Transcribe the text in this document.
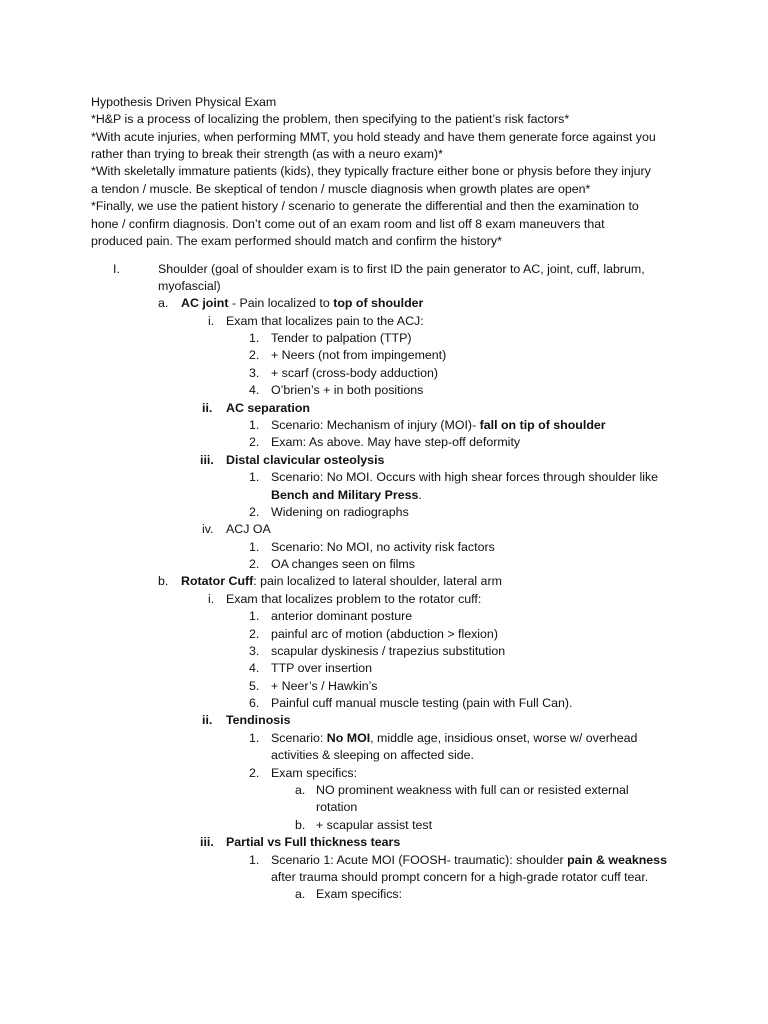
Hypothesis Driven Physical Exam
*H&P is a process of localizing the problem, then specifying to the patient’s risk factors*
*With acute injuries, when performing MMT, you hold steady and have them generate force against you
rather than trying to break their strength (as with a neuro exam)*
*With skeletally immature patients (kids), they typically fracture either bone or physis before they injury
a tendon / muscle. Be skeptical of tendon / muscle diagnosis when growth plates are open*
*Finally, we use the patient history / scenario to generate the differential and then the examination to
hone / confirm diagnosis. Don’t come out of an exam room and list off 8 exam maneuvers that
produced pain. The exam performed should match and confirm the history*
I.	Shoulder (goal of shoulder exam is to first ID the pain generator to AC, joint, cuff, labrum,
myofascial)
a. AC joint - Pain localized to top of shoulder
i. Exam that localizes pain to the ACJ:
1. Tender to palpation (TTP)
2. + Neers (not from impingement)
3. + scarf (cross-body adduction)
4. O’brien’s + in both positions
ii. AC separation
1. Scenario: Mechanism of injury (MOI)- fall on tip of shoulder
2. Exam: As above. May have step-off deformity
iii. Distal clavicular osteolysis
1. Scenario: No MOI. Occurs with high shear forces through shoulder like
Bench and Military Press.
2. Widening on radiographs
iv. ACJ OA
1. Scenario: No MOI, no activity risk factors
2. OA changes seen on films
b. Rotator Cuff: pain localized to lateral shoulder, lateral arm
i. Exam that localizes problem to the rotator cuff:
1. anterior dominant posture
2. painful arc of motion (abduction > flexion)
3. scapular dyskinesis / trapezius substitution
4. TTP over insertion
5. + Neer’s / Hawkin’s
6. Painful cuff manual muscle testing (pain with Full Can).
ii. Tendinosis
1. Scenario: No MOI, middle age, insidious onset, worse w/ overhead
activities & sleeping on affected side.
2. Exam specifics:
a. NO prominent weakness with full can or resisted external
rotation
b. + scapular assist test
iii. Partial vs Full thickness tears
1. Scenario 1: Acute MOI (FOOSH- traumatic): shoulder pain & weakness
after trauma should prompt concern for a high-grade rotator cuff tear.
a. Exam specifics:
